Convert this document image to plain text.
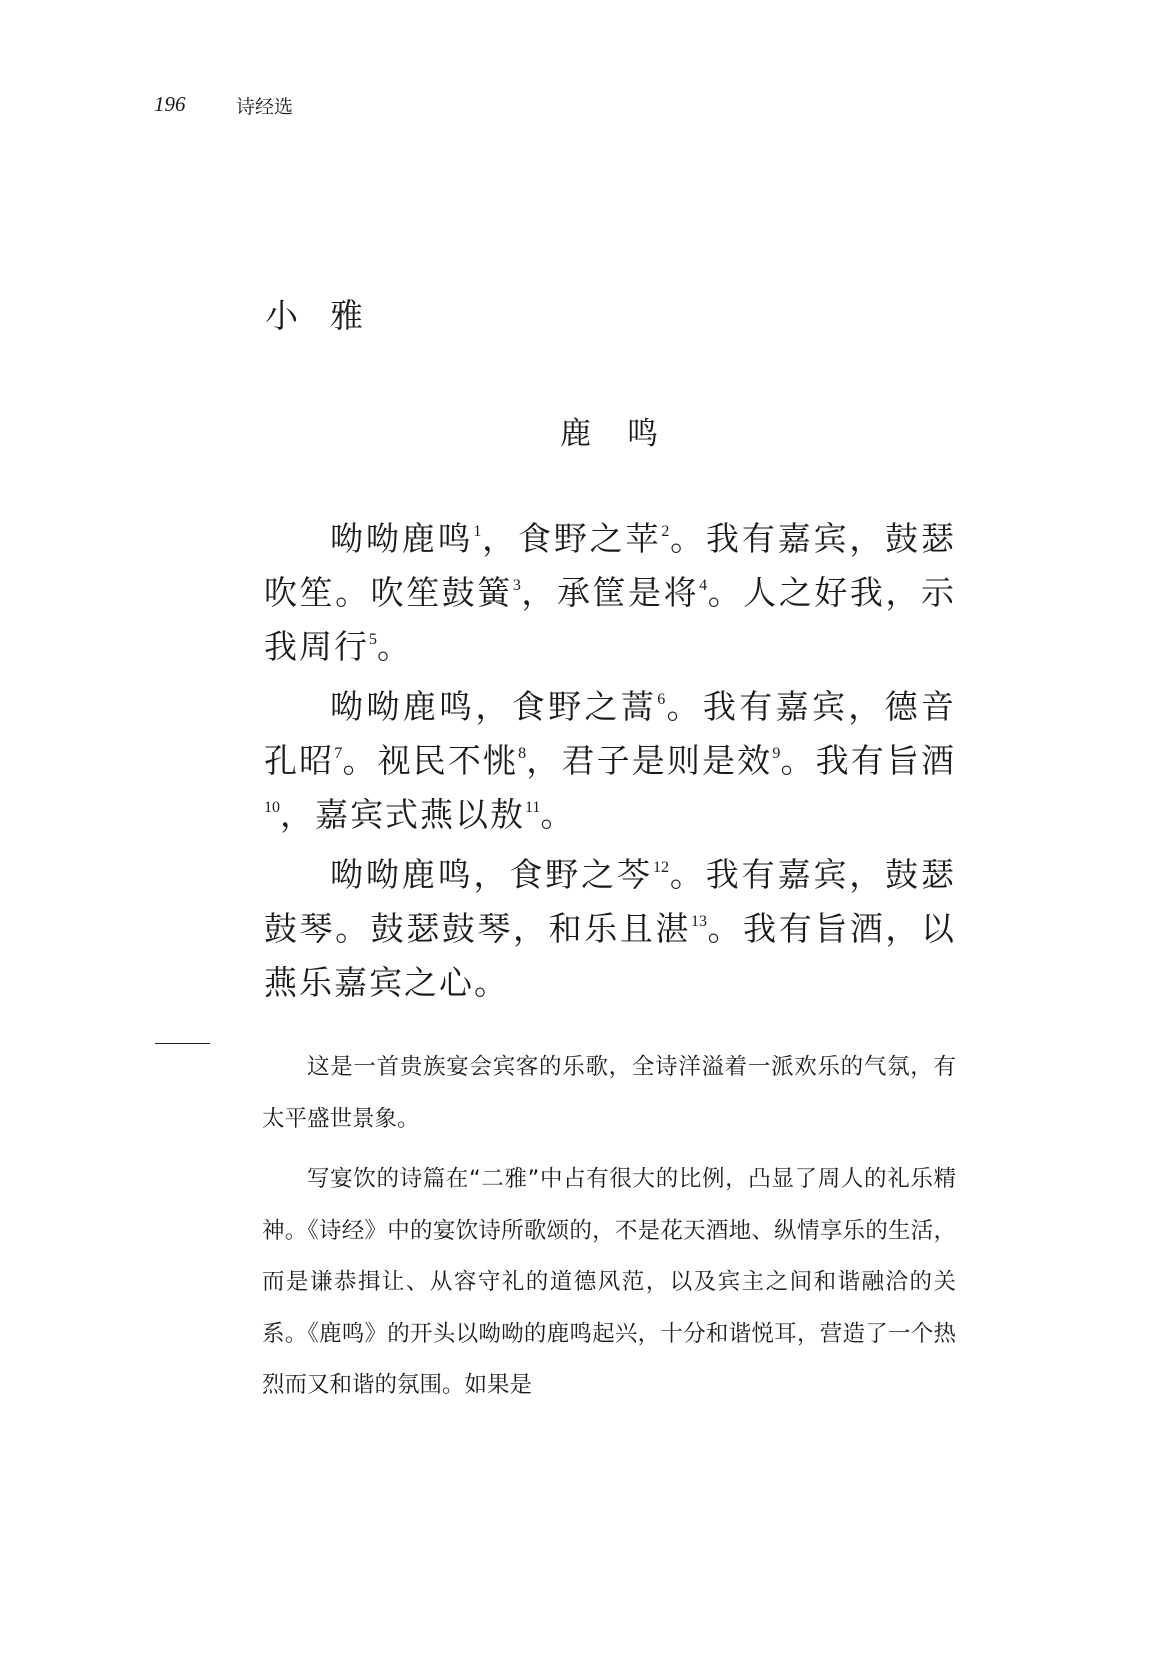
196	诗经选
小雅
鹿鸣

呦呦鹿鸣$^1$，食野之苹$^2$。我有嘉宾，鼓瑟吹笙。吹笙鼓簧$^3$，承筐是将$^4$。人之好我，示我周行$^5$。

呦呦鹿鸣，食野之蒿$^6$。我有嘉宾，德音孔昭$^7$。视民不恌$^8$，君子是则是效$^9$。我有旨酒$^{10}$，嘉宾式燕以敖$^{11}$。

呦呦鹿鸣，食野之芩$^{12}$。我有嘉宾，鼓瑟鼓琴。鼓瑟鼓琴，和乐且湛$^{13}$。我有旨酒，以燕乐嘉宾之心。

这是一首贵族宴会宾客的乐歌，全诗洋溢着一派欢乐的气氛，有太平盛世景象。

写宴饮的诗篇在“二雅”中占有很大的比例，凸显了周人的礼乐精神。《诗经》中的宴饮诗所歌颂的，不是花天酒地、纵情享乐的生活，而是谦恭揖让、从容守礼的道德风范，以及宾主之间和谐融洽的关系。《鹿鸣》的开头以呦呦的鹿鸣起兴，十分和谐悦耳，营造了一个热烈而又和谐的氛围。如果是
